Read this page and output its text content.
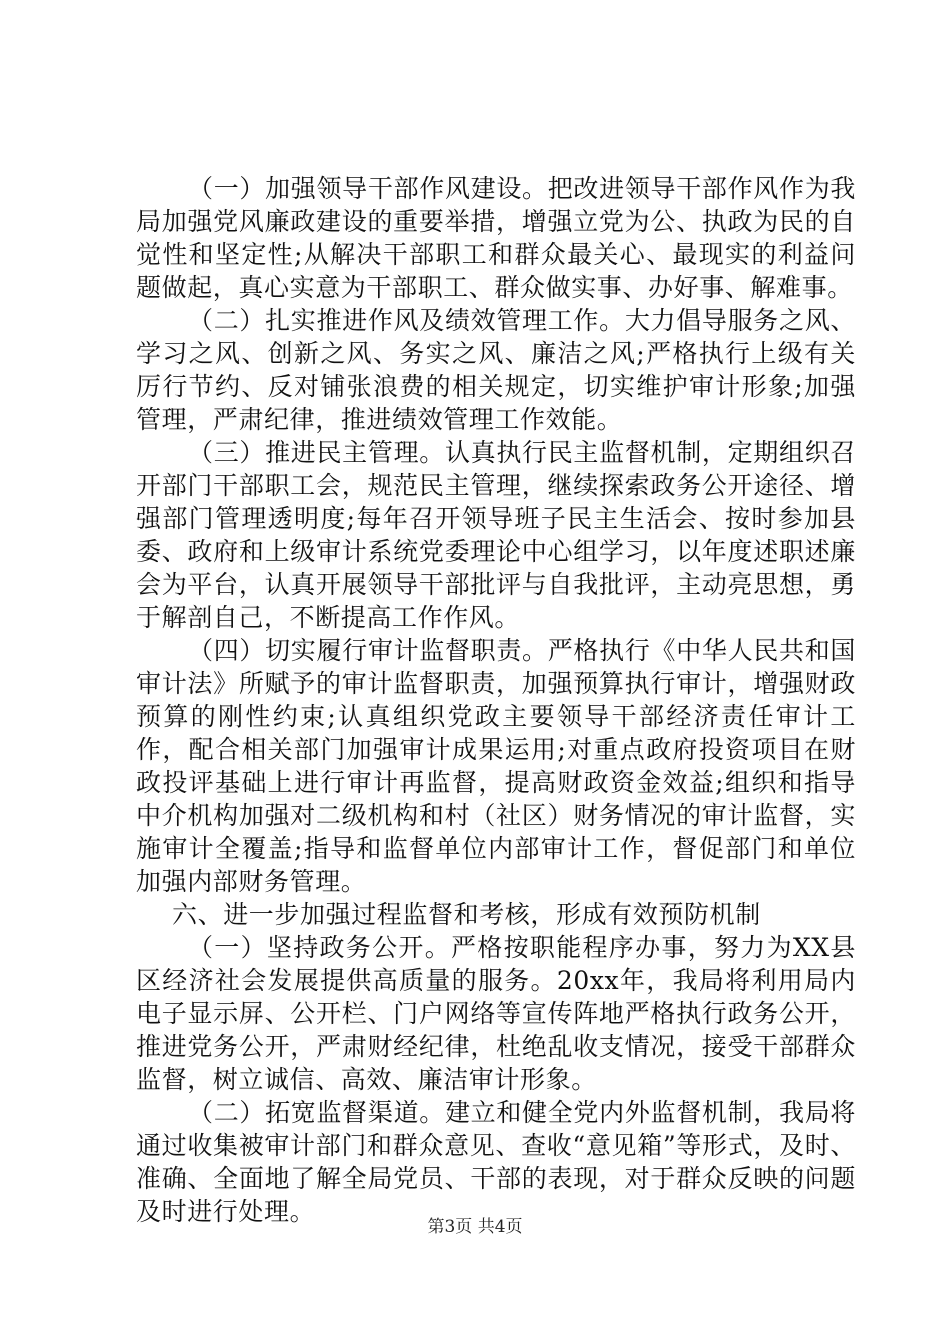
（一）加强领导干部作风建设。把改进领导干部作风作为我局加强党风廉政建设的重要举措，增强立党为公、执政为民的自觉性和坚定性;从解决干部职工和群众最关心、最现实的利益问题做起，真心实意为干部职工、群众做实事、办好事、解难事。

（二）扎实推进作风及绩效管理工作。大力倡导服务之风、学习之风、创新之风、务实之风、廉洁之风;严格执行上级有关厉行节约、反对铺张浪费的相关规定，切实维护审计形象;加强管理，严肃纪律，推进绩效管理工作效能。

（三）推进民主管理。认真执行民主监督机制，定期组织召开部门干部职工会，规范民主管理，继续探索政务公开途径、增强部门管理透明度;每年召开领导班子民主生活会、按时参加县委、政府和上级审计系统党委理论中心组学习，以年度述职述廉会为平台，认真开展领导干部批评与自我批评，主动亮思想，勇于解剖自己，不断提高工作作风。

（四）切实履行审计监督职责。严格执行《中华人民共和国审计法》所赋予的审计监督职责，加强预算执行审计，增强财政预算的刚性约束;认真组织党政主要领导干部经济责任审计工作，配合相关部门加强审计成果运用;对重点政府投资项目在财政投评基础上进行审计再监督，提高财政资金效益;组织和指导中介机构加强对二级机构和村（社区）财务情况的审计监督，实施审计全覆盖;指导和监督单位内部审计工作，督促部门和单位加强内部财务管理。

六、进一步加强过程监督和考核，形成有效预防机制

（一）坚持政务公开。严格按职能程序办事，努力为XX县区经济社会发展提供高质量的服务。20xx年，我局将利用局内电子显示屏、公开栏、门户网络等宣传阵地严格执行政务公开，推进党务公开，严肃财经纪律，杜绝乱收支情况，接受干部群众监督，树立诚信、高效、廉洁审计形象。

（二）拓宽监督渠道。建立和健全党内外监督机制，我局将通过收集被审计部门和群众意见、查收“意见箱”等形式，及时、准确、全面地了解全局党员、干部的表现，对于群众反映的问题及时进行处理。

第3页 共4页
